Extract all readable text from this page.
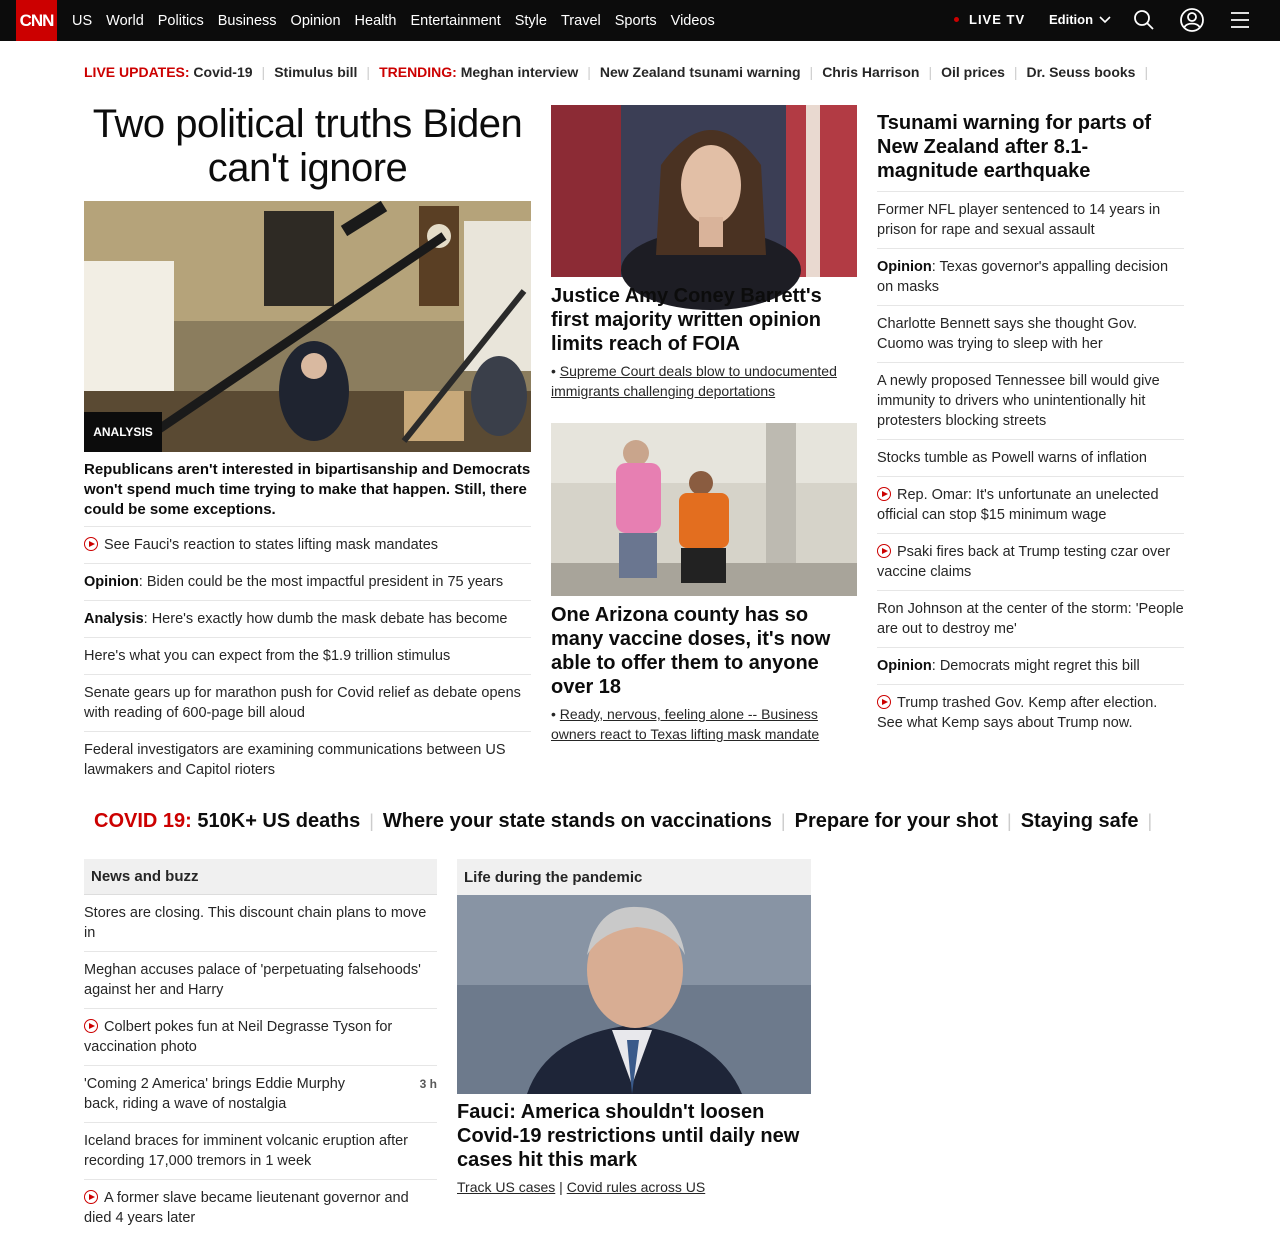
CNN US World Politics Business Opinion Health Entertainment Style Travel Sports Videos	LIVE TV Edition
LIVE UPDATES:
Covid-19 | Stimulus bill | TRENDING:
Meghan interview | New Zealand tsunami warning | Chris Harrison | Oil prices | Dr. Seuss books |
Two political truths Biden can't ignore
ANALYSIS

Republicans aren't interested in bipartisanship and Democrats won't spend much time trying to make that happen. Still, there could be some exceptions.

See Fauci's reaction to states lifting mask mandates
Opinion: Biden could be the most impactful president in 75 years
Analysis: Here's exactly how dumb the mask debate has become
Here's what you can expect from the $1.9 trillion stimulus
Senate gears up for marathon push for Covid relief as debate opens with reading of 600-page bill aloud
Federal investigators are examining communications between US lawmakers and Capitol rioters
Justice Amy Coney Barrett's first majority written opinion limits reach of FOIA

• Supreme Court deals blow to undocumented immigrants challenging deportations

One Arizona county has so many vaccine doses, it's now able to offer them to anyone over 18

• Ready, nervous, feeling alone -- Business owners react to Texas lifting mask mandate

Tsunami warning for parts of New Zealand after 8.1-magnitude earthquake
Former NFL player sentenced to 14 years in prison for rape and sexual assault
Opinion: Texas governor's appalling decision on masks
Charlotte Bennett says she thought Gov. Cuomo was trying to sleep with her
A newly proposed Tennessee bill would give immunity to drivers who unintentionally hit protesters blocking streets
Stocks tumble as Powell warns of inflation
Rep. Omar: It's unfortunate an unelected official can stop $15 minimum wage
Psaki fires back at Trump testing czar over vaccine claims
Ron Johnson at the center of the storm: 'People are out to destroy me'
Opinion: Democrats might regret this bill
Trump trashed Gov. Kemp after election. See what Kemp says about Trump now.
COVID 19:
510K+ US deaths | Where your state stands on vaccinations | Prepare for your shot | Staying safe |
News and buzz
Stores are closing. This discount chain plans to move in
Meghan accuses palace of 'perpetuating falsehoods' against her and Harry
Colbert pokes fun at Neil Degrasse Tyson for vaccination photo
3 h
'Coming 2 America' brings Eddie Murphy back, riding a wave of nostalgia
Iceland braces for imminent volcanic eruption after recording 17,000 tremors in 1 week
A former slave became lieutenant governor and died 4 years later
Life during the pandemic
Fauci: America shouldn't loosen Covid-19 restrictions until daily new cases hit this mark

Track US cases | Covid rules across US
